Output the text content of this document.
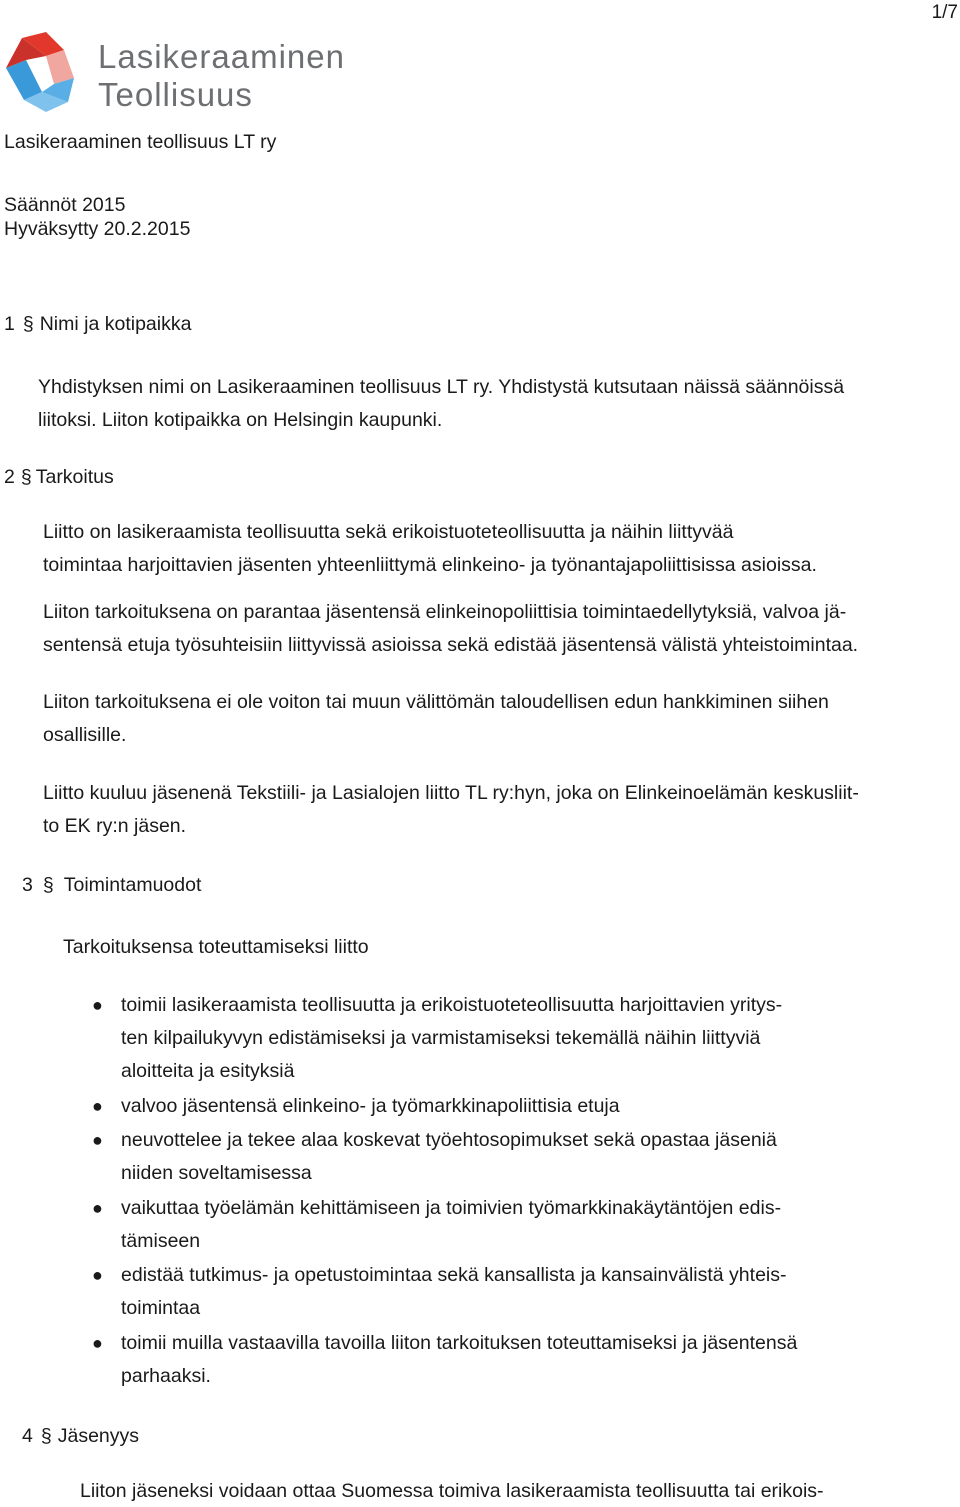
1/7
Lasikeraaminen
Teollisuus
Lasikeraaminen teollisuus LT ry
Säännöt 2015
Hyväksytty 20.2.2015
1 § Nimi ja kotipaikka
Yhdistyksen nimi on Lasikeraaminen teollisuus LT ry. Yhdistystä kutsutaan näissä säännöissä
liitoksi. Liiton kotipaikka on Helsingin kaupunki.
2 § Tarkoitus
Liitto on lasikeraamista teollisuutta sekä erikoistuoteteollisuutta ja näihin liittyvää
toimintaa harjoittavien jäsenten yhteenliittymä elinkeino- ja työnantajapoliittisissa asioissa.
Liiton tarkoituksena on parantaa jäsentensä elinkeinopoliittisia toimintaedellytyksiä, valvoa jä-
sentensä etuja työsuhteisiin liittyvissä asioissa sekä edistää jäsentensä välistä yhteistoimintaa.
Liiton tarkoituksena ei ole voiton tai muun välittömän taloudellisen edun hankkiminen siihen
osallisille.
Liitto kuuluu jäsenenä Tekstiili- ja Lasialojen liitto TL ry:hyn, joka on Elinkeinoelämän keskusliit-
to EK ry:n jäsen.
3 § Toimintamuodot
Tarkoituksensa toteuttamiseksi liitto
● toimii lasikeraamista teollisuutta ja erikoistuoteteollisuutta harjoittavien yritys-
ten kilpailukyvyn edistämiseksi ja varmistamiseksi tekemällä näihin liittyviä
aloitteita ja esityksiä
● valvoo jäsentensä elinkeino- ja työmarkkinapoliittisia etuja
● neuvottelee ja tekee alaa koskevat työehtosopimukset sekä opastaa jäseniä
niiden soveltamisessa
● vaikuttaa työelämän kehittämiseen ja toimivien työmarkkinakäytäntöjen edis-
tämiseen
● edistää tutkimus- ja opetustoimintaa sekä kansallista ja kansainvälistä yhteis-
toimintaa
● toimii muilla vastaavilla tavoilla liiton tarkoituksen toteuttamiseksi ja jäsentensä
parhaaksi.
4 § Jäsenyys
Liiton jäseneksi voidaan ottaa Suomessa toimiva lasikeraamista teollisuutta tai erikois-
